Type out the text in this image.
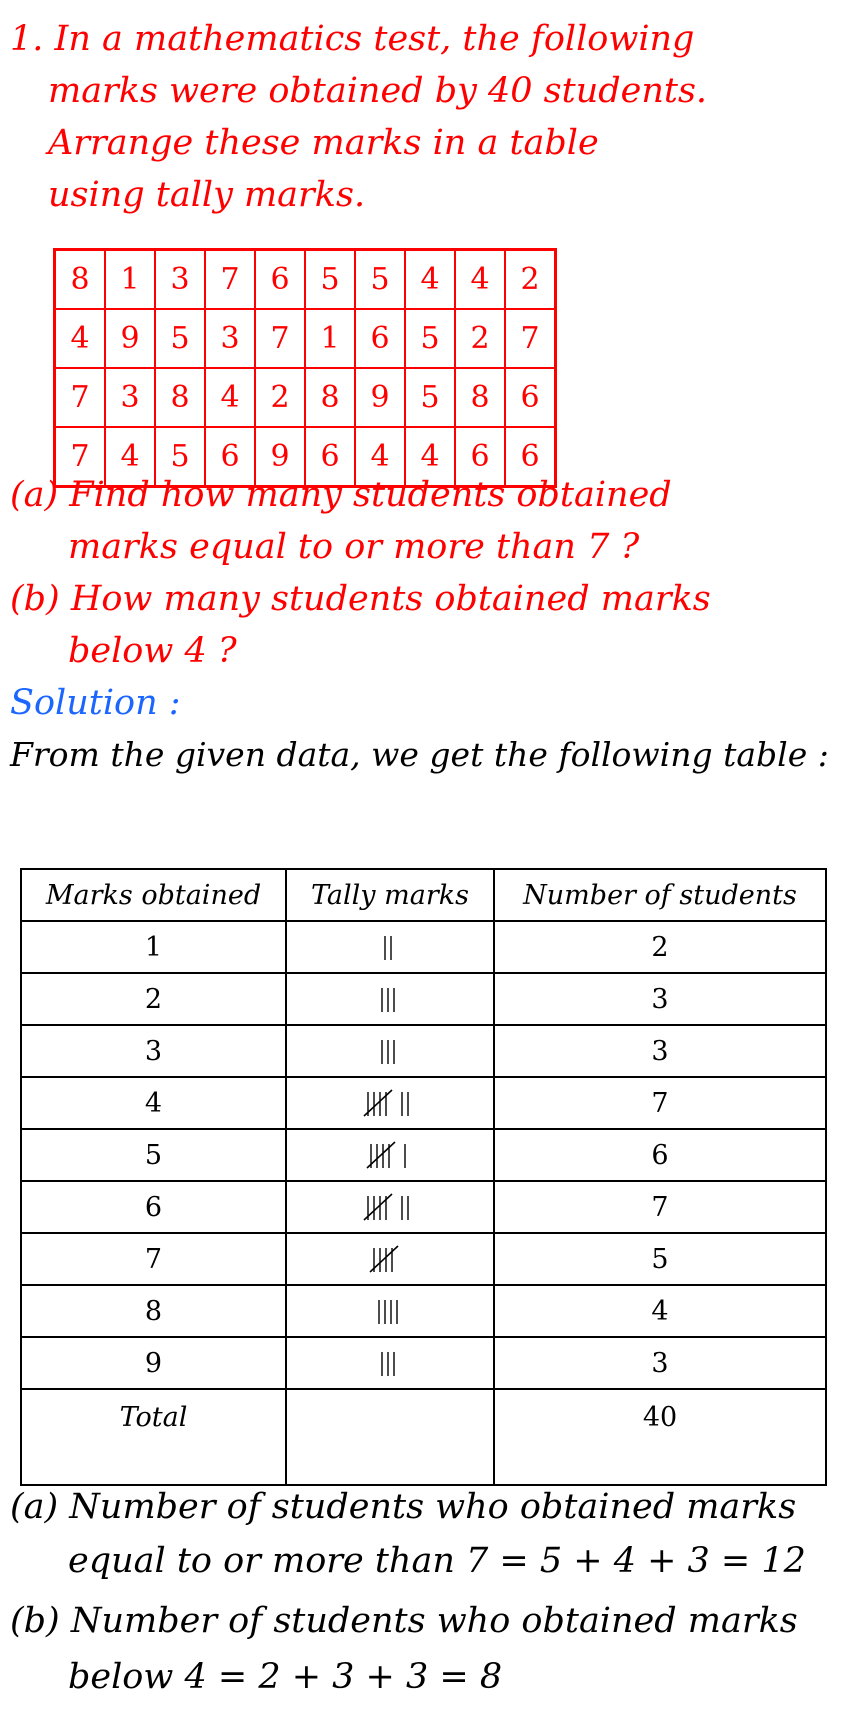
1. In a mathematics test, the following
marks were obtained by 40 students.
Arrange these marks in a table
using tally marks.
8	1	3	7	6	5	5	4	4	2
4	9	5	3	7	1	6	5	2	7
7	3	8	4	2	8	9	5	8	6
7	4	5	6	9	6	4	4	6	6
(a) Find how many students obtained
marks equal to or more than 7 ?
(b) How many students obtained marks
below 4 ?
Solution :
From the given data, we get the following table :
Marks obtained	Tally marks	Number of students
1		2
2		3
3		3
4		7
5		6
6		7
7		5
8		4
9		3
Total		40
(a) Number of students who obtained marks
equal to or more than 7 = 5 + 4 + 3 = 12
(b) Number of students who obtained marks
below 4 = 2 + 3 + 3 = 8
